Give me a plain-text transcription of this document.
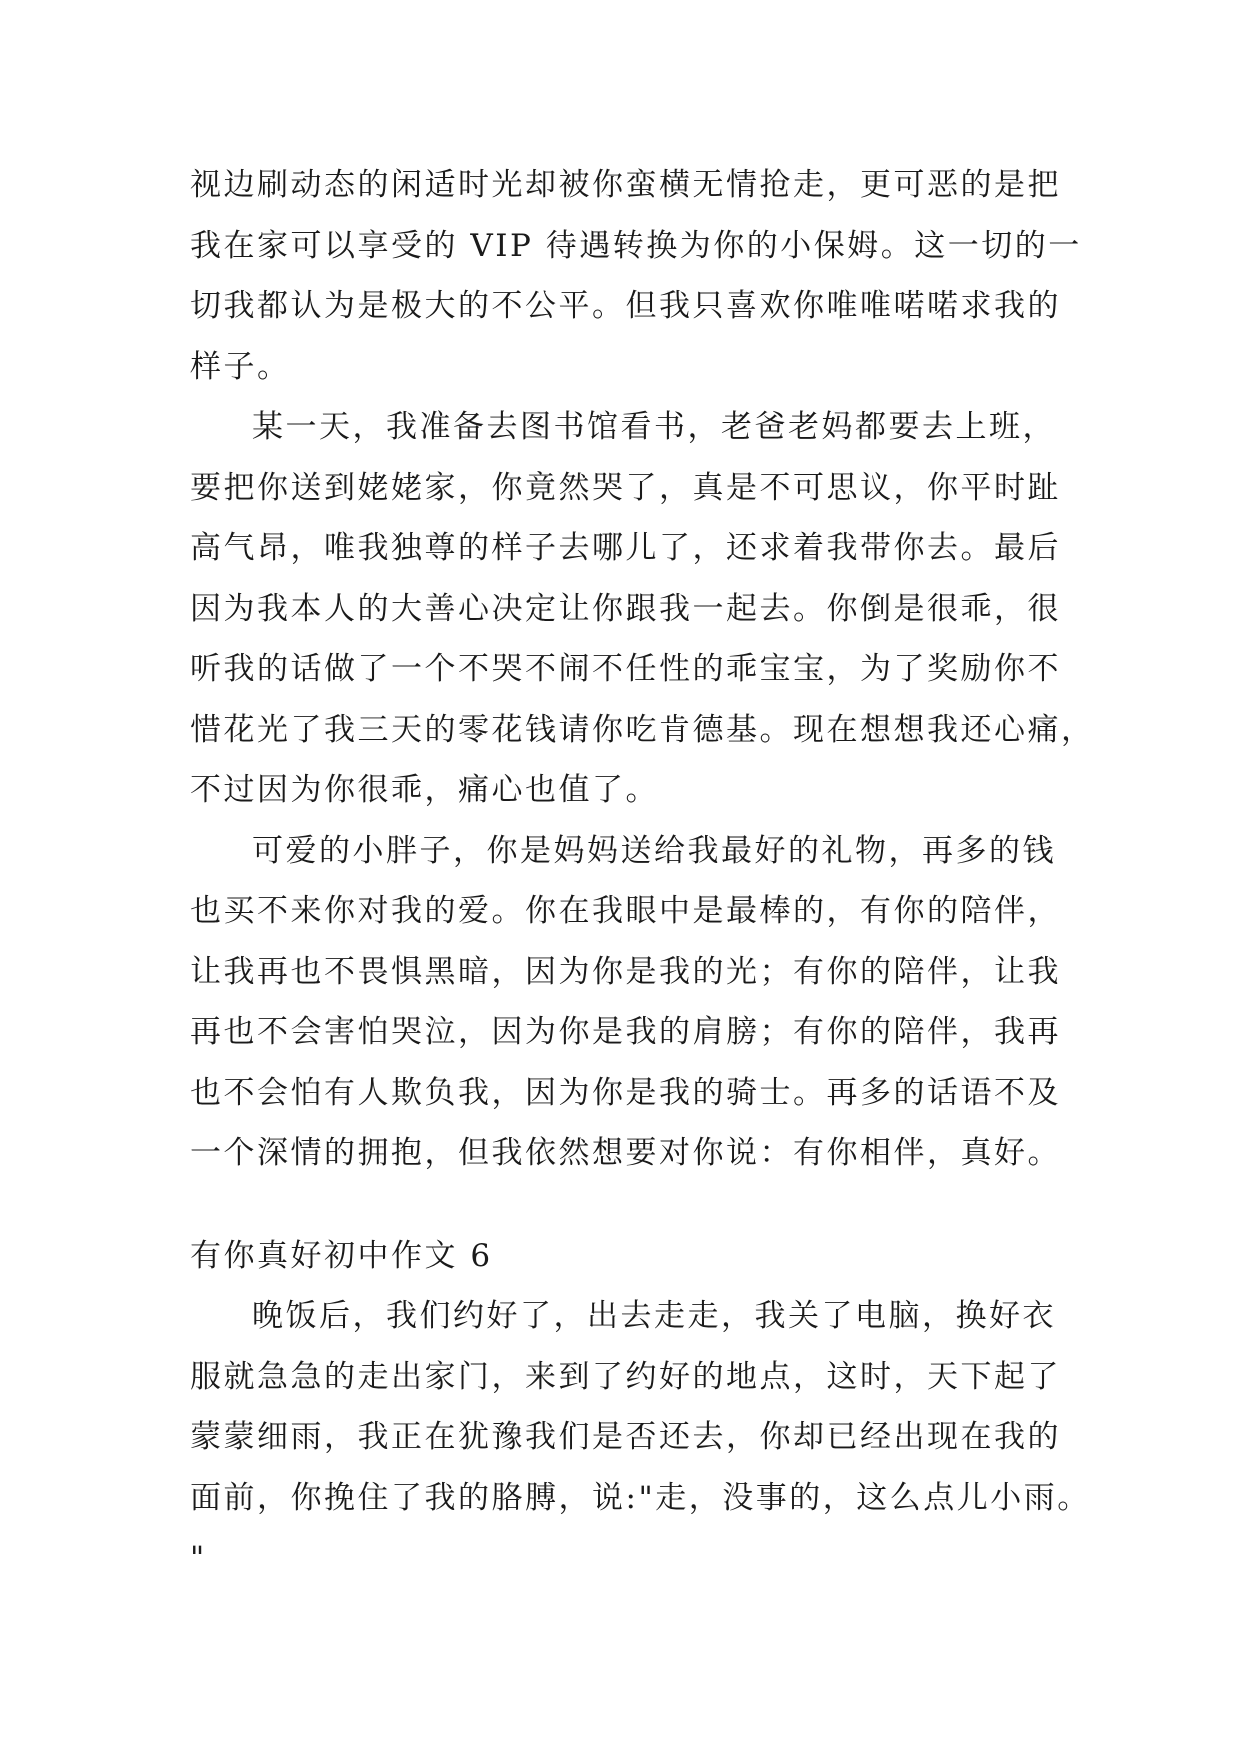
视边刷动态的闲适时光却被你蛮横无情抢走，更可恶的是把
我在家可以享受的 VIP 待遇转换为你的小保姆。这一切的一
切我都认为是极大的不公平。但我只喜欢你唯唯喏喏求我的
样子。
某一天，我准备去图书馆看书，老爸老妈都要去上班，
要把你送到姥姥家，你竟然哭了，真是不可思议，你平时趾
高气昂，唯我独尊的样子去哪儿了，还求着我带你去。最后
因为我本人的大善心决定让你跟我一起去。你倒是很乖，很
听我的话做了一个不哭不闹不任性的乖宝宝，为了奖励你不
惜花光了我三天的零花钱请你吃肯德基。现在想想我还心痛，
不过因为你很乖，痛心也值了。
可爱的小胖子，你是妈妈送给我最好的礼物，再多的钱
也买不来你对我的爱。你在我眼中是最棒的，有你的陪伴，
让我再也不畏惧黑暗，因为你是我的光；有你的陪伴，让我
再也不会害怕哭泣，因为你是我的肩膀；有你的陪伴，我再
也不会怕有人欺负我，因为你是我的骑士。再多的话语不及
一个深情的拥抱，但我依然想要对你说：有你相伴，真好。
有你真好初中作文 6
晚饭后，我们约好了，出去走走，我关了电脑，换好衣
服就急急的走出家门，来到了约好的地点，这时，天下起了
蒙蒙细雨，我正在犹豫我们是否还去，你却已经出现在我的
面前，你挽住了我的胳膊，说:"走，没事的，这么点儿小雨。
"
